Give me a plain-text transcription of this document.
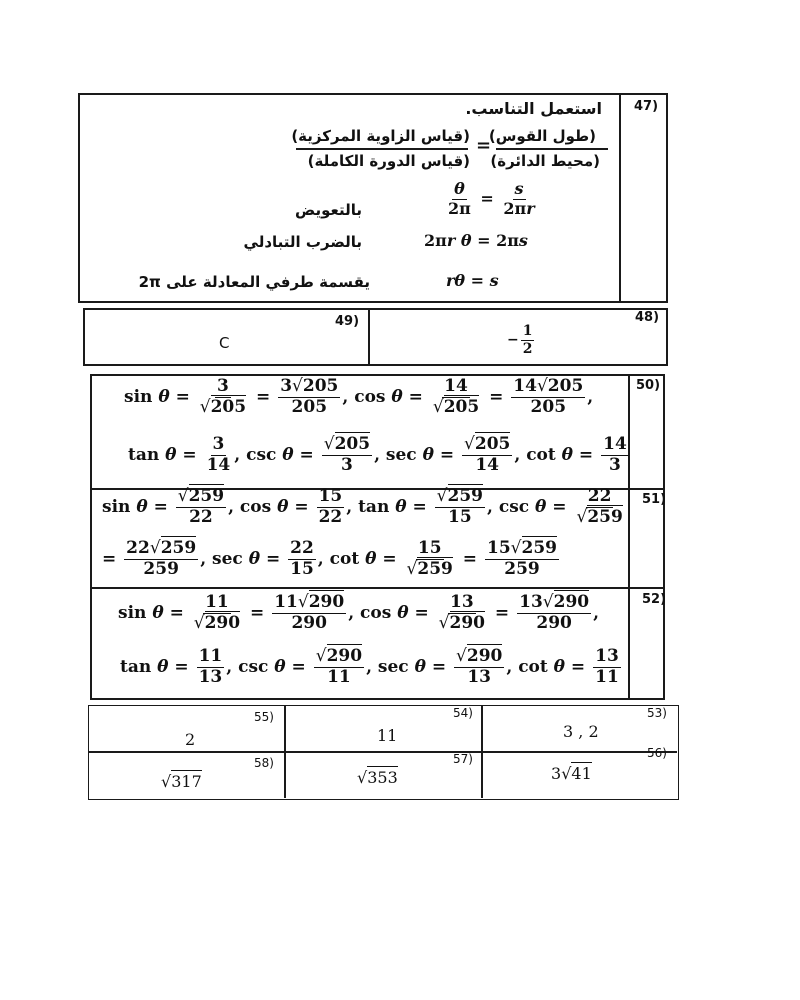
47)
استعمل التناسب.
(طول القوس)
(محيط الدائرة)
=
(قياس الزاوية المركزية)
(قياس الدورة الكاملة)
$\frac{\theta}{2\pi} = \frac{s}{2\pi r}$
بالتعويض
2πr θ = 2πs
بالضرب التبادلي
rθ = s
يقسمة طرفي المعادلة على 2π
49)	48)
C	− $\frac{1}{2}$
50)
51)
52)
$\sin \theta = \frac{3}{√205} = \frac{3√205}{205}$ , $\cos \theta = \frac{14}{√205} = \frac{14√205}{205}$ ,
$\tan \theta = \frac{3}{14}$ , $\csc \theta = \frac{√205}{3}$ , $\sec \theta = \frac{√205}{14}$ , $\cot \theta = \frac{14}{3}$
$\sin \theta = \frac{√259}{22}$ , $\cos \theta = \frac{15}{22}$ , $\tan \theta = \frac{√259}{15}$ , $\csc \theta = \frac{22}{√259}$
= $\frac{22√259}{259}$ , $\sec \theta = \frac{22}{15}$ , $\cot \theta = \frac{15}{√259} = \frac{15√259}{259}$
$\sin \theta = \frac{11}{√290} = \frac{11√290}{290}$ , $\cos \theta = \frac{13}{√290} = \frac{13√290}{290}$ ,
$\tan \theta = \frac{11}{13}$ , $\csc \theta = \frac{√290}{11}$ , $\sec \theta = \frac{√290}{13}$ , $\cot \theta = \frac{13}{11}$
55)
2
54)
11
53)
3 , 2
58)
√317
57)
√353
56)
3√41
